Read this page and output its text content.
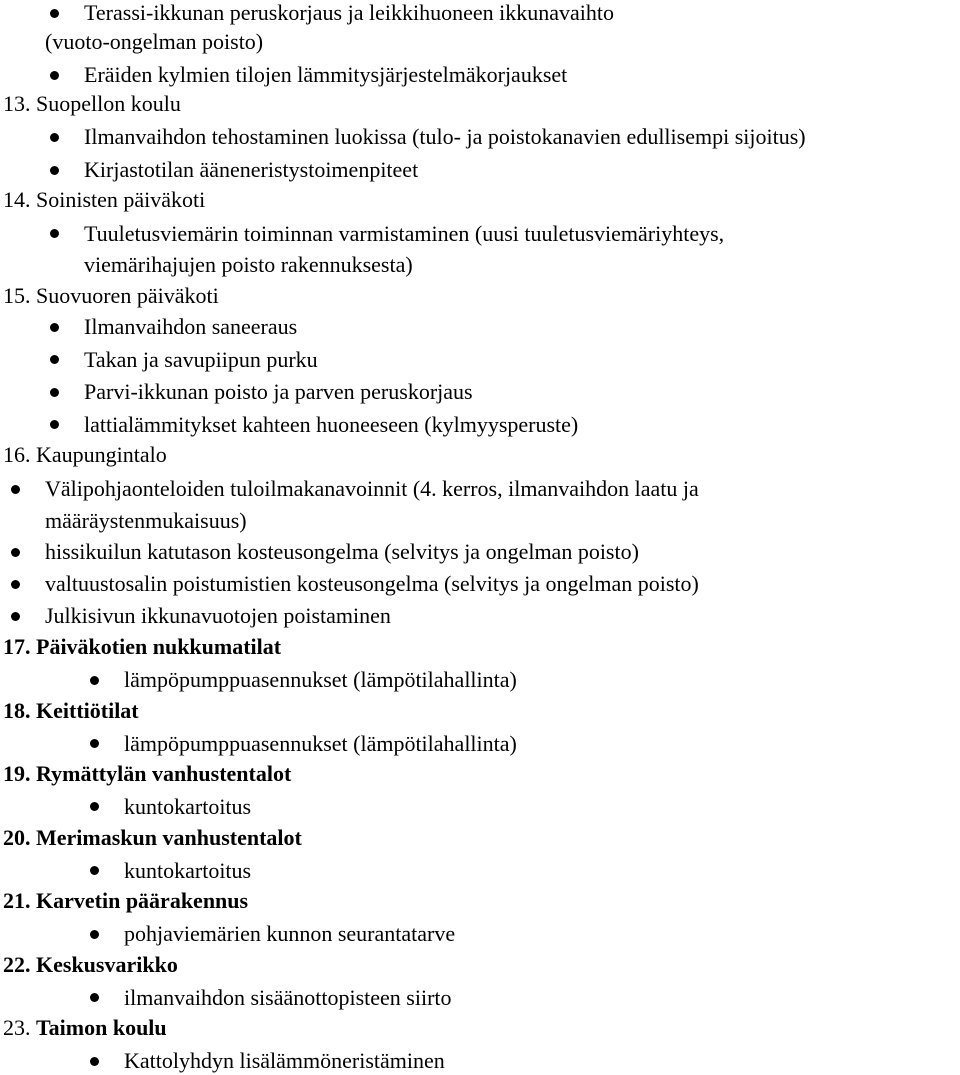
Terassi-ikkunan peruskorjaus ja leikkihuoneen ikkunavaihto
(vuoto-ongelman poisto)
Eräiden kylmien tilojen lämmitysjärjestelmäkorjaukset
13. Suopellon koulu
Ilmanvaihdon tehostaminen luokissa (tulo- ja poistokanavien edullisempi sijoitus)
Kirjastotilan ääneneristystoimenpiteet
14. Soinisten päiväkoti
Tuuletusviemärin toiminnan varmistaminen (uusi tuuletusviemäriyhteys,
viemärihajujen poisto rakennuksesta)
15. Suovuoren päiväkoti
Ilmanvaihdon saneeraus
Takan ja savupiipun purku
Parvi-ikkunan poisto ja parven peruskorjaus
lattialämmitykset kahteen huoneeseen (kylmyysperuste)
16. Kaupungintalo
Välipohjaonteloiden tuloilmakanavoinnit (4. kerros, ilmanvaihdon laatu ja
määräystenmukaisuus)
hissikuilun katutason kosteusongelma (selvitys ja ongelman poisto)
valtuustosalin poistumistien kosteusongelma (selvitys ja ongelman poisto)
Julkisivun ikkunavuotojen poistaminen
17. Päiväkotien nukkumatilat
lämpöpumppuasennukset (lämpötilahallinta)
18. Keittiötilat
lämpöpumppuasennukset (lämpötilahallinta)
19. Rymättylän vanhustentalot
kuntokartoitus
20. Merimaskun vanhustentalot
kuntokartoitus
21. Karvetin päärakennus
pohjaviemärien kunnon seurantatarve
22. Keskusvarikko
ilmanvaihdon sisäänottopisteen siirto
23. Taimon koulu
Kattolyhdyn lisälämmöneristäminen
